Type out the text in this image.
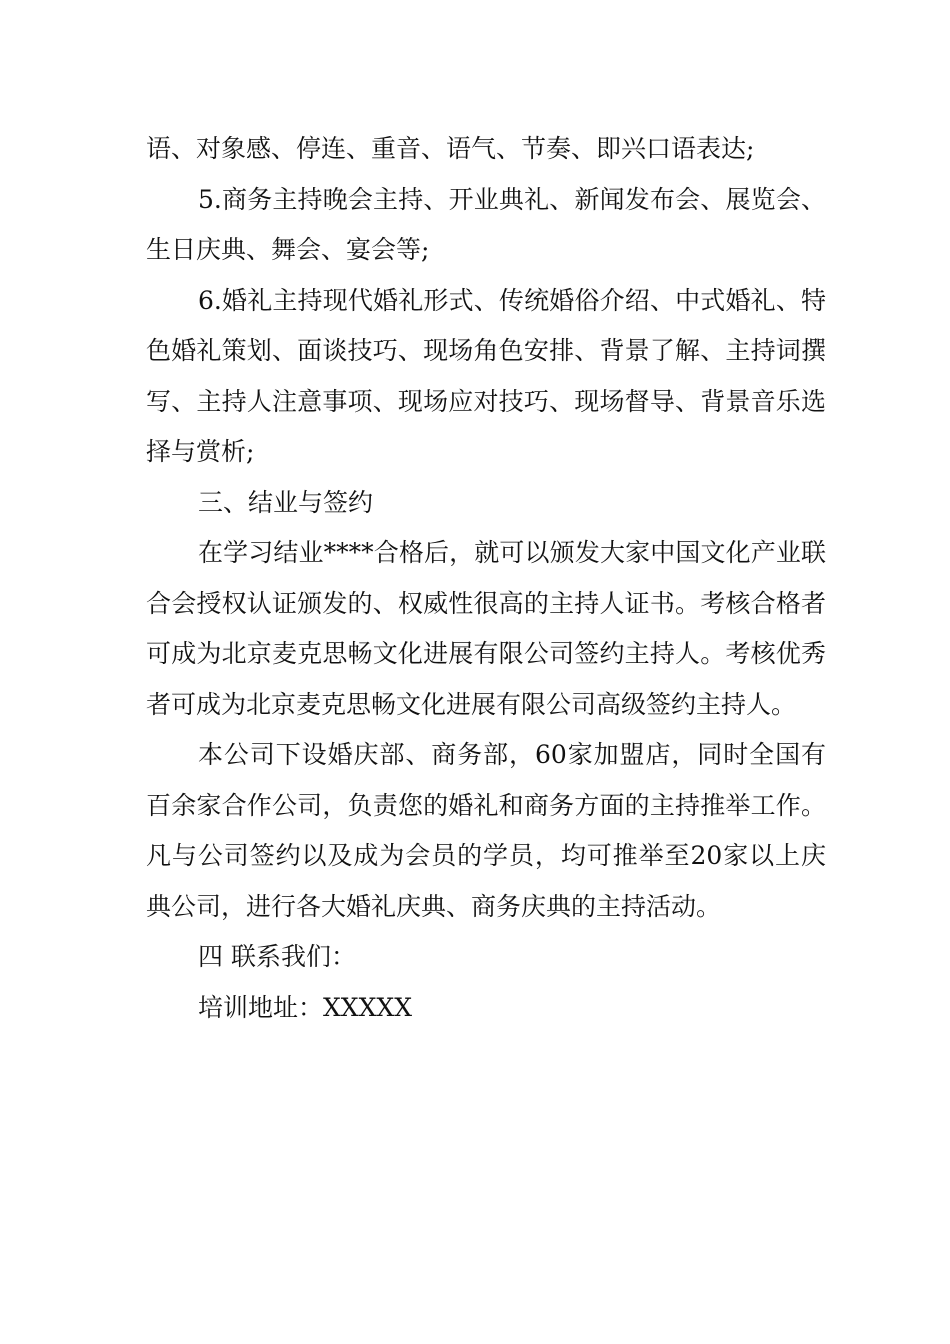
语、对象感、停连、重音、语气、节奏、即兴口语表达;

5.商务主持晚会主持、开业典礼、新闻发布会、展览会、生日庆典、舞会、宴会等;

6.婚礼主持现代婚礼形式、传统婚俗介绍、中式婚礼、特色婚礼策划、面谈技巧、现场角色安排、背景了解、主持词撰写、主持人注意事项、现场应对技巧、现场督导、背景音乐选择与赏析;

三、结业与签约

在学习结业****合格后，就可以颁发大家中国文化产业联合会授权认证颁发的、权威性很高的主持人证书。考核合格者可成为北京麦克思畅文化进展有限公司签约主持人。考核优秀者可成为北京麦克思畅文化进展有限公司高级签约主持人。

本公司下设婚庆部、商务部，60家加盟店，同时全国有百余家合作公司，负责您的婚礼和商务方面的主持推举工作。凡与公司签约以及成为会员的学员，均可推举至20家以上庆典公司，进行各大婚礼庆典、商务庆典的主持活动。

四 联系我们：

培训地址：XXXXX
